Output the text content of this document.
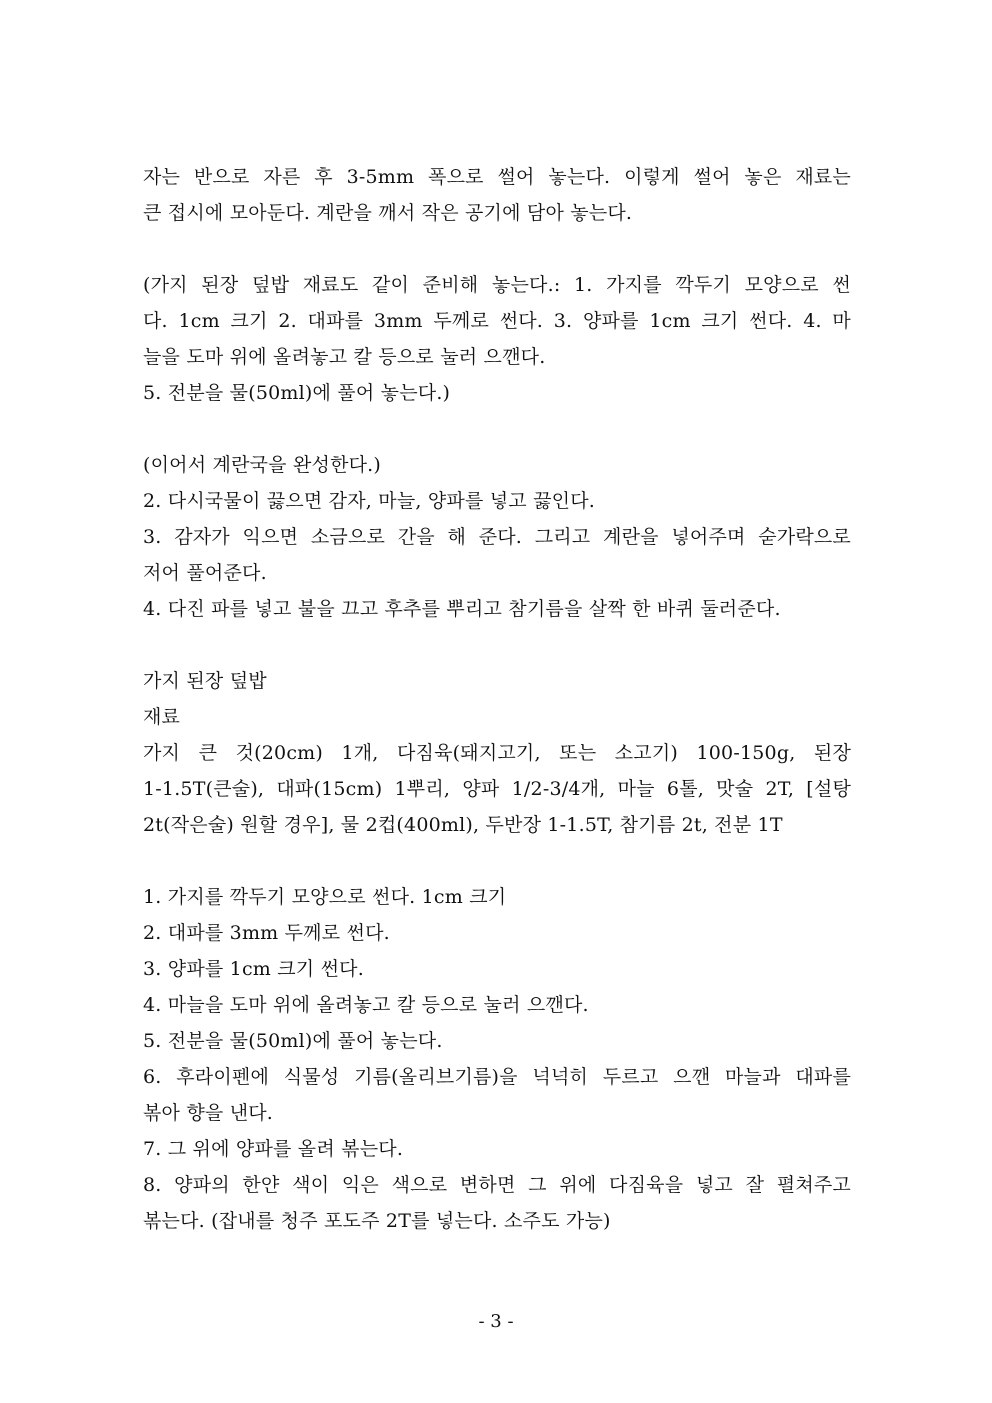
자는 반으로 자른 후 3-5mm 폭으로 썰어 놓는다. 이렇게 썰어 놓은 재료는
큰 접시에 모아둔다. 계란을 깨서 작은 공기에 담아 놓는다.
(가지 된장 덮밥 재료도 같이 준비해 놓는다.: 1. 가지를 깍두기 모양으로 썬
다. 1cm 크기 2. 대파를 3mm 두께로 썬다. 3. 양파를 1cm 크기 썬다. 4. 마
늘을 도마 위에 올려놓고 칼 등으로 눌러 으깬다.
5. 전분을 물(50ml)에 풀어 놓는다.)
(이어서 계란국을 완성한다.)
2. 다시국물이 끓으면 감자, 마늘, 양파를 넣고 끓인다.
3. 감자가 익으면 소금으로 간을 해 준다. 그리고 계란을 넣어주며 숟가락으로
저어 풀어준다.
4. 다진 파를 넣고 불을 끄고 후추를 뿌리고 참기름을 살짝 한 바퀴 둘러준다.
가지 된장 덮밥
재료
가지 큰 것(20cm) 1개, 다짐육(돼지고기, 또는 소고기) 100-150g, 된장
1-1.5T(큰술), 대파(15cm) 1뿌리, 양파 1/2-3/4개, 마늘 6톨, 맛술 2T, [설탕
2t(작은술) 원할 경우], 물 2컵(400ml), 두반장 1-1.5T, 참기름 2t, 전분 1T
1. 가지를 깍두기 모양으로 썬다. 1cm 크기
2. 대파를 3mm 두께로 썬다.
3. 양파를 1cm 크기 썬다.
4. 마늘을 도마 위에 올려놓고 칼 등으로 눌러 으깬다.
5. 전분을 물(50ml)에 풀어 놓는다.
6. 후라이펜에 식물성 기름(올리브기름)을 넉넉히 두르고 으깬 마늘과 대파를
볶아 향을 낸다.
7. 그 위에 양파를 올려 볶는다.
8. 양파의 한얀 색이 익은 색으로 변하면 그 위에 다짐육을 넣고 잘 펼쳐주고
볶는다. (잡내를 청주 포도주 2T를 넣는다. 소주도 가능)
- 3 -
